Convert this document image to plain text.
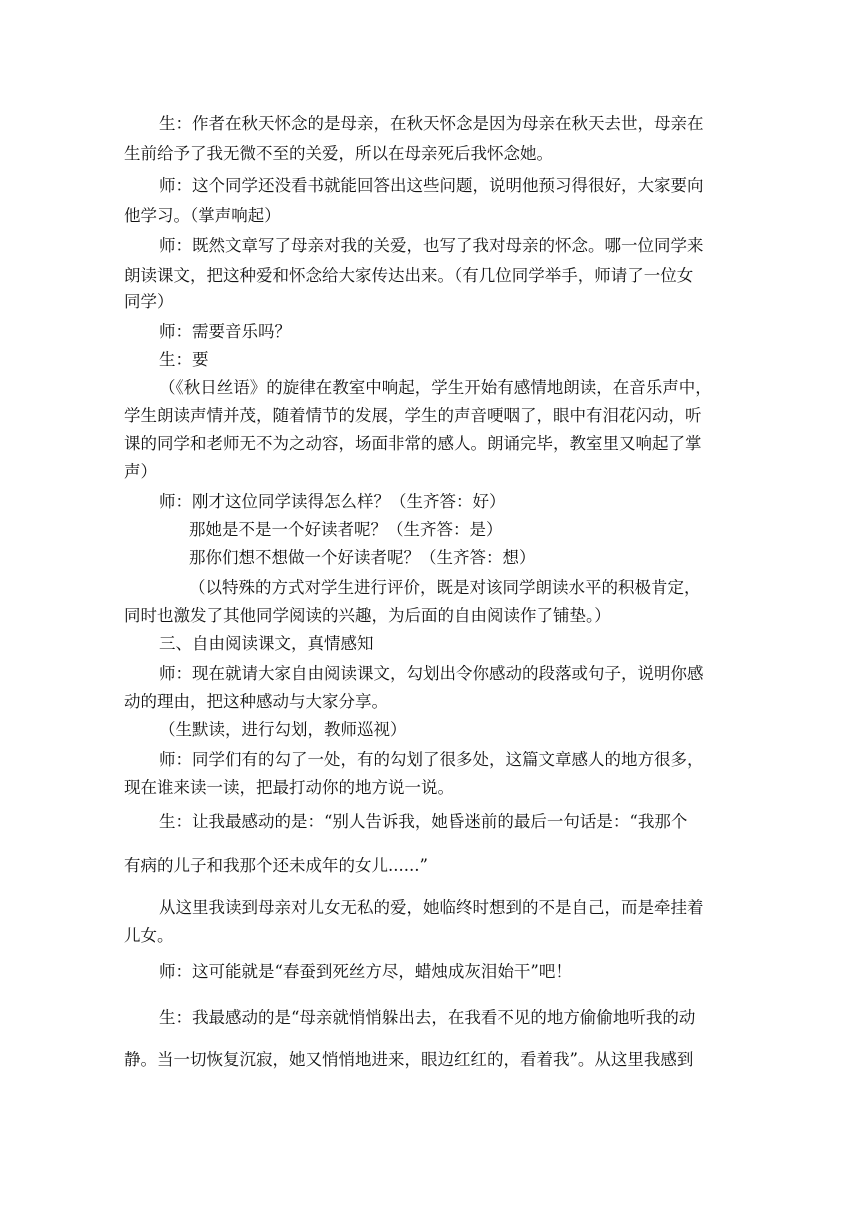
生：作者在秋天怀念的是母亲，在秋天怀念是因为母亲在秋天去世，母亲在

生前给予了我无微不至的关爱，所以在母亲死后我怀念她。

师：这个同学还没看书就能回答出这些问题，说明他预习得很好，大家要向

他学习。（掌声响起）

师：既然文章写了母亲对我的关爱，也写了我对母亲的怀念。哪一位同学来

朗读课文，把这种爱和怀念给大家传达出来。（有几位同学举手，师请了一位女

同学）

师：需要音乐吗？

生：要

（《秋日丝语》的旋律在教室中响起，学生开始有感情地朗读，在音乐声中，

学生朗读声情并茂，随着情节的发展，学生的声音哽咽了，眼中有泪花闪动，听

课的同学和老师无不为之动容，场面非常的感人。朗诵完毕，教室里又响起了掌

声）

师：刚才这位同学读得怎么样？（生齐答：好）

那她是不是一个好读者呢？（生齐答：是）

那你们想不想做一个好读者呢？（生齐答：想）

（以特殊的方式对学生进行评价，既是对该同学朗读水平的积极肯定，

同时也激发了其他同学阅读的兴趣，为后面的自由阅读作了铺垫。）

三、自由阅读课文，真情感知

师：现在就请大家自由阅读课文，勾划出令你感动的段落或句子，说明你感

动的理由，把这种感动与大家分享。

（生默读，进行勾划，教师巡视）

师：同学们有的勾了一处，有的勾划了很多处，这篇文章感人的地方很多，

现在谁来读一读，把最打动你的地方说一说。

生：让我最感动的是：“别人告诉我，她昏迷前的最后一句话是：“我那个

有病的儿子和我那个还未成年的女儿......”

从这里我读到母亲对儿女无私的爱，她临终时想到的不是自己，而是牵挂着

儿女。

师：这可能就是“春蚕到死丝方尽，蜡烛成灰泪始干”吧！

生：我最感动的是“母亲就悄悄躲出去，在我看不见的地方偷偷地听我的动

静。当一切恢复沉寂，她又悄悄地进来，眼边红红的，看着我”。从这里我感到
